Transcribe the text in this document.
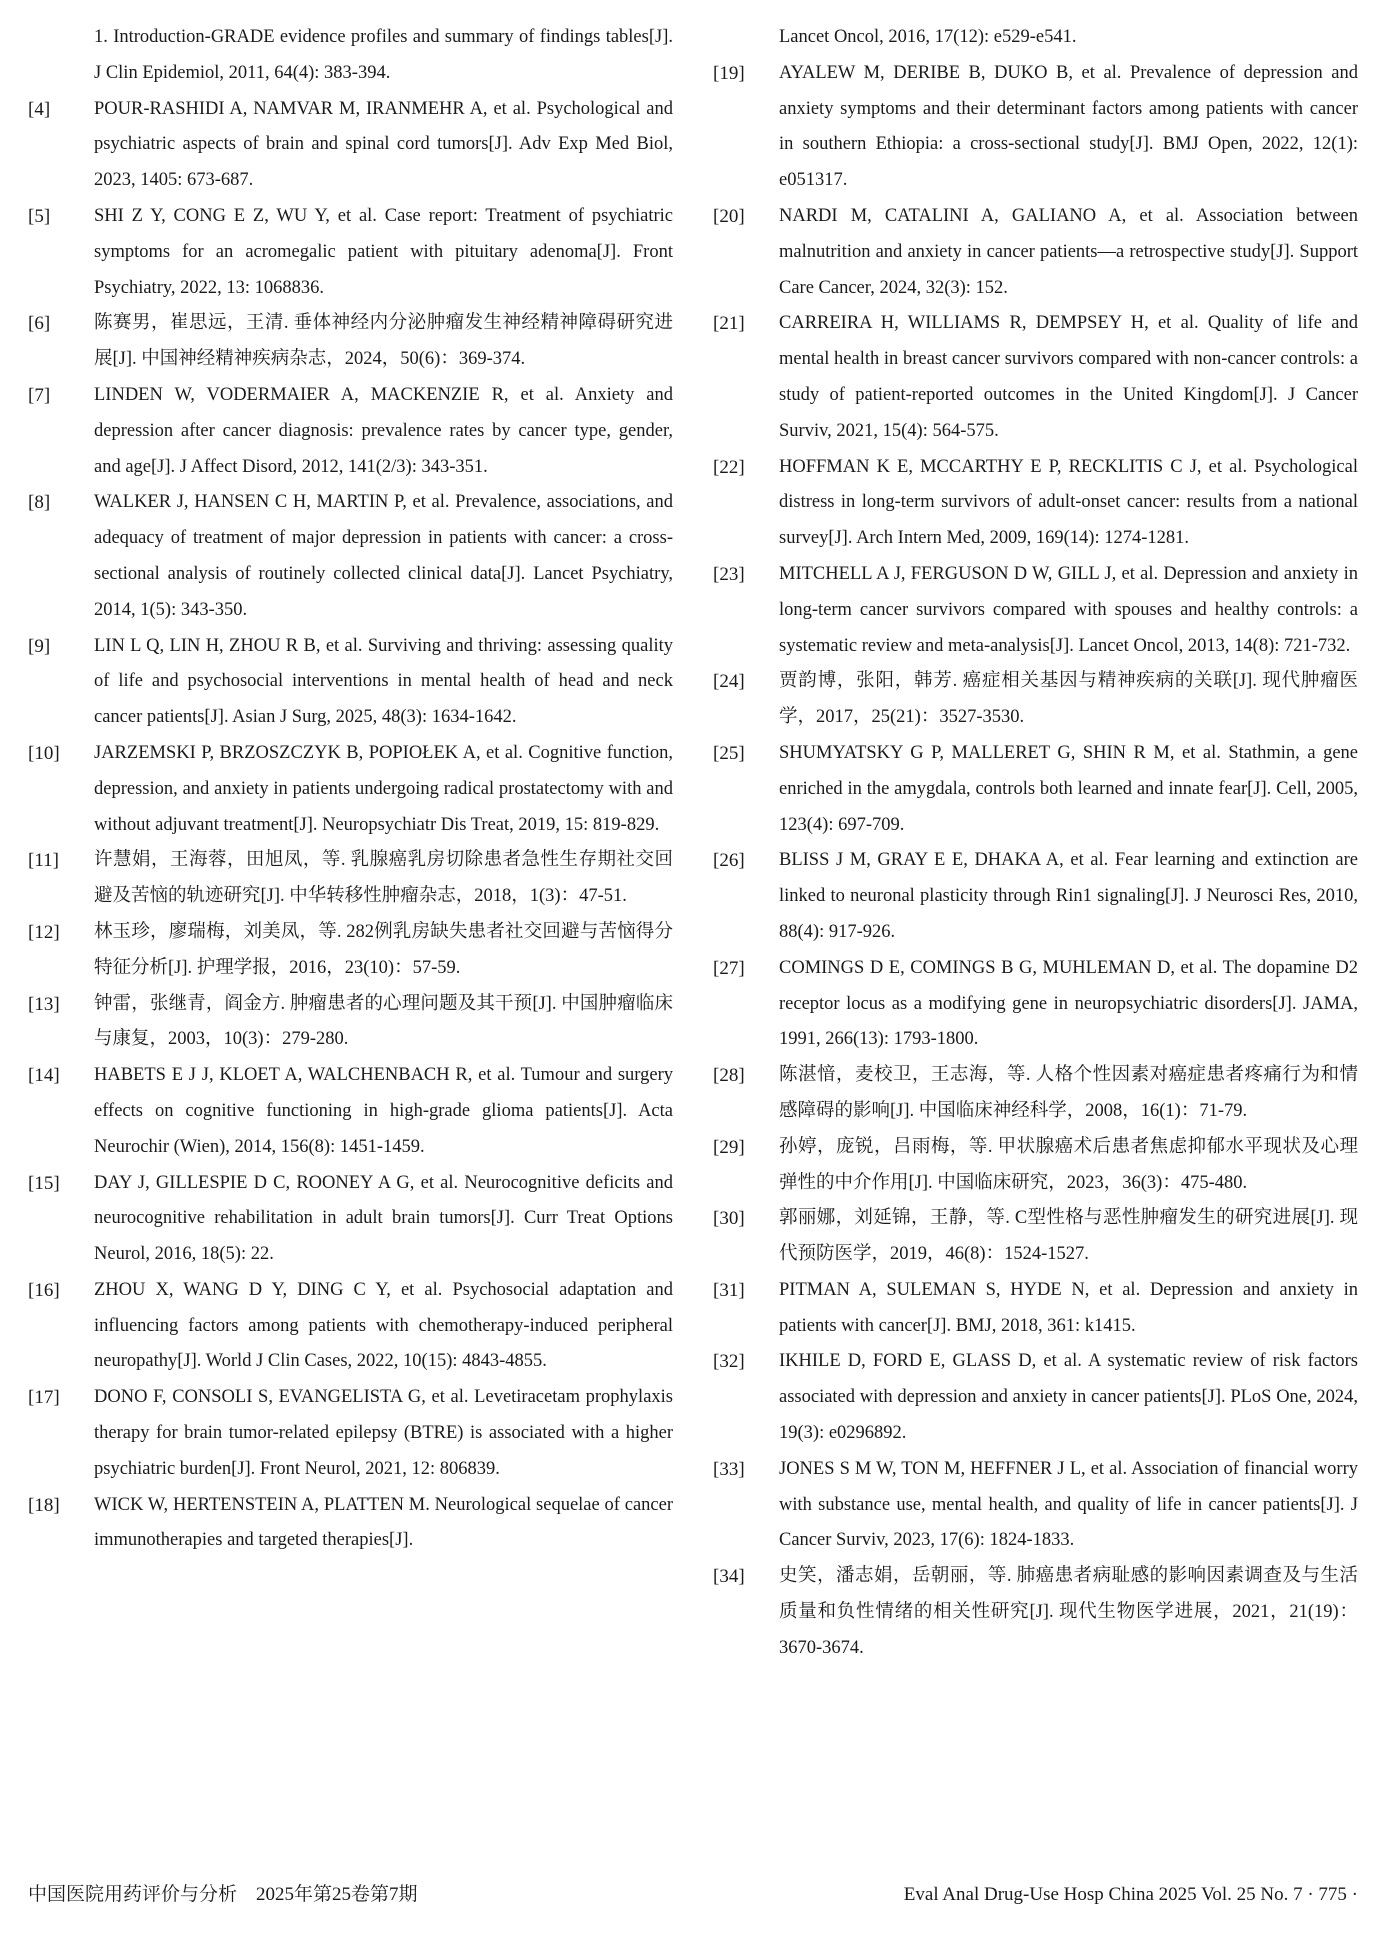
1. Introduction-GRADE evidence profiles and summary of findings tables[J]. J Clin Epidemiol, 2011, 64(4): 383-394.
[4]	POUR-RASHIDI A, NAMVAR M, IRANMEHR A, et al. Psychological and psychiatric aspects of brain and spinal cord tumors[J]. Adv Exp Med Biol, 2023, 1405: 673-687.
[5]	SHI Z Y, CONG E Z, WU Y, et al. Case report: Treatment of psychiatric symptoms for an acromegalic patient with pituitary adenoma[J]. Front Psychiatry, 2022, 13: 1068836.
[6]	陈赛男，崔思远，王清. 垂体神经内分泌肿瘤发生神经精神障碍研究进展[J]. 中国神经精神疾病杂志，2024，50(6)：369-374.
[7]	LINDEN W, VODERMAIER A, MACKENZIE R, et al. Anxiety and depression after cancer diagnosis: prevalence rates by cancer type, gender, and age[J]. J Affect Disord, 2012, 141(2/3): 343-351.
[8]	WALKER J, HANSEN C H, MARTIN P, et al. Prevalence, associations, and adequacy of treatment of major depression in patients with cancer: a cross-sectional analysis of routinely collected clinical data[J]. Lancet Psychiatry, 2014, 1(5): 343-350.
[9]	LIN L Q, LIN H, ZHOU R B, et al. Surviving and thriving: assessing quality of life and psychosocial interventions in mental health of head and neck cancer patients[J]. Asian J Surg, 2025, 48(3): 1634-1642.
[10]	JARZEMSKI P, BRZOSZCZYK B, POPIOŁEK A, et al. Cognitive function, depression, and anxiety in patients undergoing radical prostatectomy with and without adjuvant treatment[J]. Neuropsychiatr Dis Treat, 2019, 15: 819-829.
[11]	许慧娟，王海蓉，田旭凤，等. 乳腺癌乳房切除患者急性生存期社交回避及苦恼的轨迹研究[J]. 中华转移性肿瘤杂志，2018，1(3)：47-51.
[12]	林玉珍，廖瑞梅，刘美凤，等. 282例乳房缺失患者社交回避与苦恼得分特征分析[J]. 护理学报，2016，23(10)：57-59.
[13]	钟雷，张继青，阎金方. 肿瘤患者的心理问题及其干预[J]. 中国肿瘤临床与康复，2003，10(3)：279-280.
[14]	HABETS E J J, KLOET A, WALCHENBACH R, et al. Tumour and surgery effects on cognitive functioning in high-grade glioma patients[J]. Acta Neurochir (Wien), 2014, 156(8): 1451-1459.
[15]	DAY J, GILLESPIE D C, ROONEY A G, et al. Neurocognitive deficits and neurocognitive rehabilitation in adult brain tumors[J]. Curr Treat Options Neurol, 2016, 18(5): 22.
[16]	ZHOU X, WANG D Y, DING C Y, et al. Psychosocial adaptation and influencing factors among patients with chemotherapy-induced peripheral neuropathy[J]. World J Clin Cases, 2022, 10(15): 4843-4855.
[17]	DONO F, CONSOLI S, EVANGELISTA G, et al. Levetiracetam prophylaxis therapy for brain tumor-related epilepsy (BTRE) is associated with a higher psychiatric burden[J]. Front Neurol, 2021, 12: 806839.
[18]	WICK W, HERTENSTEIN A, PLATTEN M. Neurological sequelae of cancer immunotherapies and targeted therapies[J].
Lancet Oncol, 2016, 17(12): e529-e541.
[19]	AYALEW M, DERIBE B, DUKO B, et al. Prevalence of depression and anxiety symptoms and their determinant factors among patients with cancer in southern Ethiopia: a cross-sectional study[J]. BMJ Open, 2022, 12(1): e051317.
[20]	NARDI M, CATALINI A, GALIANO A, et al. Association between malnutrition and anxiety in cancer patients—a retrospective study[J]. Support Care Cancer, 2024, 32(3): 152.
[21]	CARREIRA H, WILLIAMS R, DEMPSEY H, et al. Quality of life and mental health in breast cancer survivors compared with non-cancer controls: a study of patient-reported outcomes in the United Kingdom[J]. J Cancer Surviv, 2021, 15(4): 564-575.
[22]	HOFFMAN K E, MCCARTHY E P, RECKLITIS C J, et al. Psychological distress in long-term survivors of adult-onset cancer: results from a national survey[J]. Arch Intern Med, 2009, 169(14): 1274-1281.
[23]	MITCHELL A J, FERGUSON D W, GILL J, et al. Depression and anxiety in long-term cancer survivors compared with spouses and healthy controls: a systematic review and meta-analysis[J]. Lancet Oncol, 2013, 14(8): 721-732.
[24]	贾韵博，张阳，韩芳. 癌症相关基因与精神疾病的关联[J]. 现代肿瘤医学，2017，25(21)：3527-3530.
[25]	SHUMYATSKY G P, MALLERET G, SHIN R M, et al. Stathmin, a gene enriched in the amygdala, controls both learned and innate fear[J]. Cell, 2005, 123(4): 697-709.
[26]	BLISS J M, GRAY E E, DHAKA A, et al. Fear learning and extinction are linked to neuronal plasticity through Rin1 signaling[J]. J Neurosci Res, 2010, 88(4): 917-926.
[27]	COMINGS D E, COMINGS B G, MUHLEMAN D, et al. The dopamine D2 receptor locus as a modifying gene in neuropsychiatric disorders[J]. JAMA, 1991, 266(13): 1793-1800.
[28]	陈湛愔，麦校卫，王志海，等. 人格个性因素对癌症患者疼痛行为和情感障碍的影响[J]. 中国临床神经科学，2008，16(1)：71-79.
[29]	孙婷，庞锐，吕雨梅，等. 甲状腺癌术后患者焦虑抑郁水平现状及心理弹性的中介作用[J]. 中国临床研究，2023，36(3)：475-480.
[30]	郭丽娜，刘延锦，王静，等. C型性格与恶性肿瘤发生的研究进展[J]. 现代预防医学，2019，46(8)：1524-1527.
[31]	PITMAN A, SULEMAN S, HYDE N, et al. Depression and anxiety in patients with cancer[J]. BMJ, 2018, 361: k1415.
[32]	IKHILE D, FORD E, GLASS D, et al. A systematic review of risk factors associated with depression and anxiety in cancer patients[J]. PLoS One, 2024, 19(3): e0296892.
[33]	JONES S M W, TON M, HEFFNER J L, et al. Association of financial worry with substance use, mental health, and quality of life in cancer patients[J]. J Cancer Surviv, 2023, 17(6): 1824-1833.
[34]	史笑，潘志娟，岳朝丽，等. 肺癌患者病耻感的影响因素调查及与生活质量和负性情绪的相关性研究[J]. 现代生物医学进展，2021，21(19)：3670-3674.
中国医院用药评价与分析　2025年第25卷第7期	Eval Anal Drug-Use Hosp China 2025 Vol. 25 No. 7 · 775 ·
